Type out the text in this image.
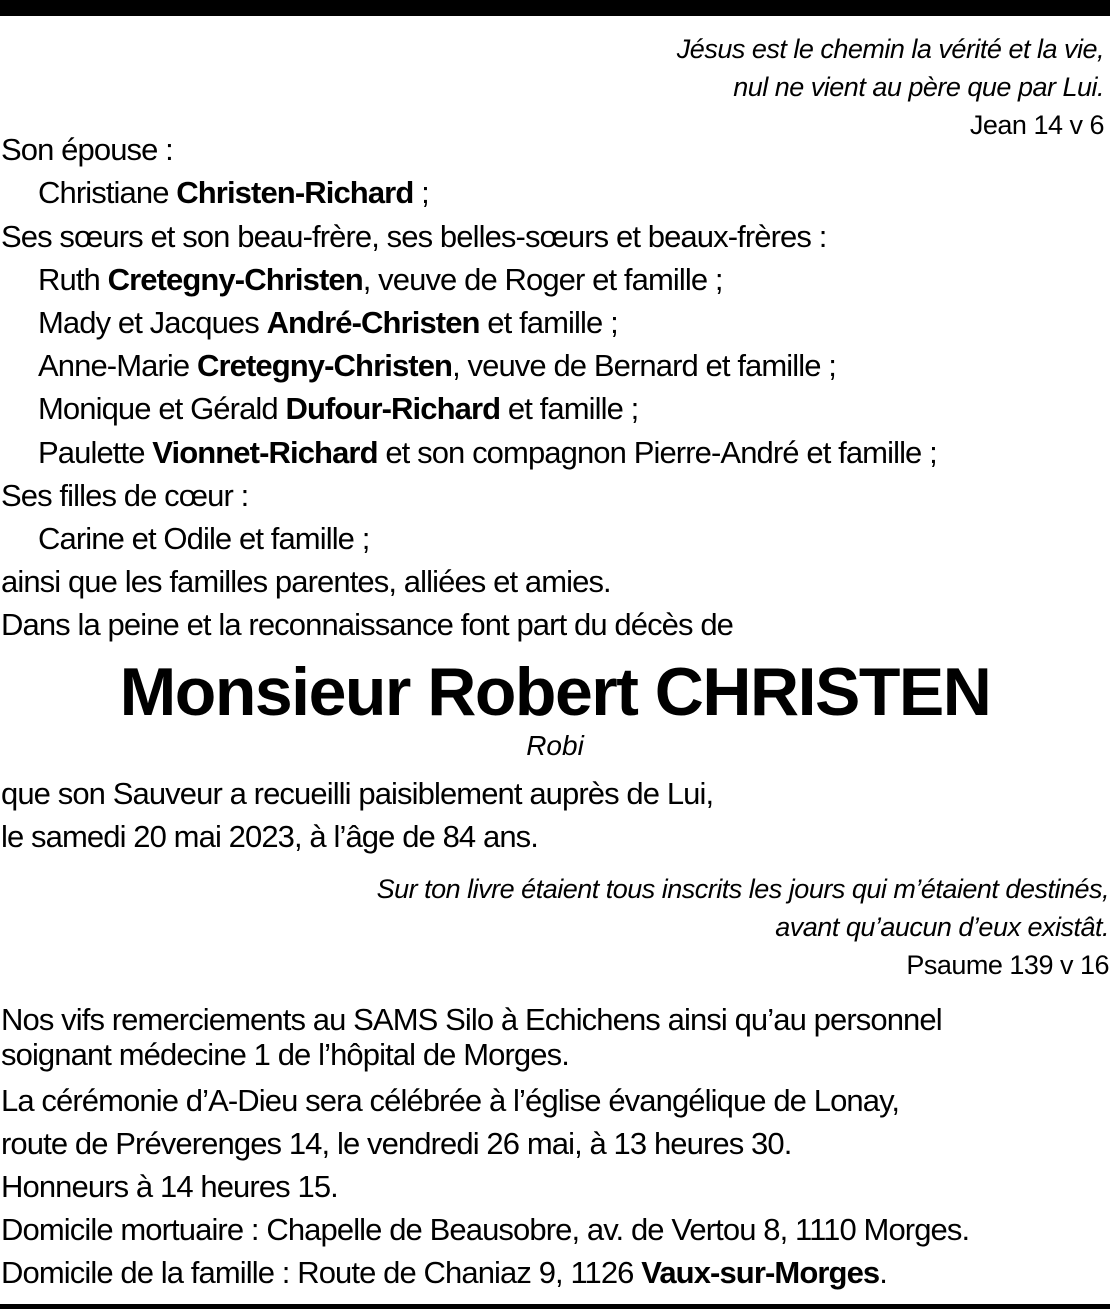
Jésus est le chemin la vérité et la vie,
nul ne vient au père que par Lui.
Jean 14 v 6
Son épouse :
Christiane Christen-Richard ;
Ses sœurs et son beau-frère, ses belles-sœurs et beaux-frères :
Ruth Cretegny-Christen, veuve de Roger et famille ;
Mady et Jacques André-Christen et famille ;
Anne-Marie Cretegny-Christen, veuve de Bernard et famille ;
Monique et Gérald Dufour-Richard et famille ;
Paulette Vionnet-Richard et son compagnon Pierre-André et famille ;
Ses filles de cœur :
Carine et Odile et famille ;
ainsi que les familles parentes, alliées et amies.
Dans la peine et la reconnaissance font part du décès de
Monsieur Robert CHRISTEN
Robi
que son Sauveur a recueilli paisiblement auprès de Lui,
le samedi 20 mai 2023, à l’âge de 84 ans.
Sur ton livre étaient tous inscrits les jours qui m’étaient destinés,
avant qu’aucun d’eux existât.
Psaume 139 v 16
Nos vifs remerciements au SAMS Silo à Echichens ainsi qu’au personnel
soignant médecine 1 de l’hôpital de Morges.
La cérémonie d’A-Dieu sera célébrée à l’église évangélique de Lonay,
route de Préverenges 14, le vendredi 26 mai, à 13 heures 30.
Honneurs à 14 heures 15.
Domicile mortuaire : Chapelle de Beausobre, av. de Vertou 8, 1110 Morges.
Domicile de la famille : Route de Chaniaz 9, 1126 Vaux-sur-Morges.
